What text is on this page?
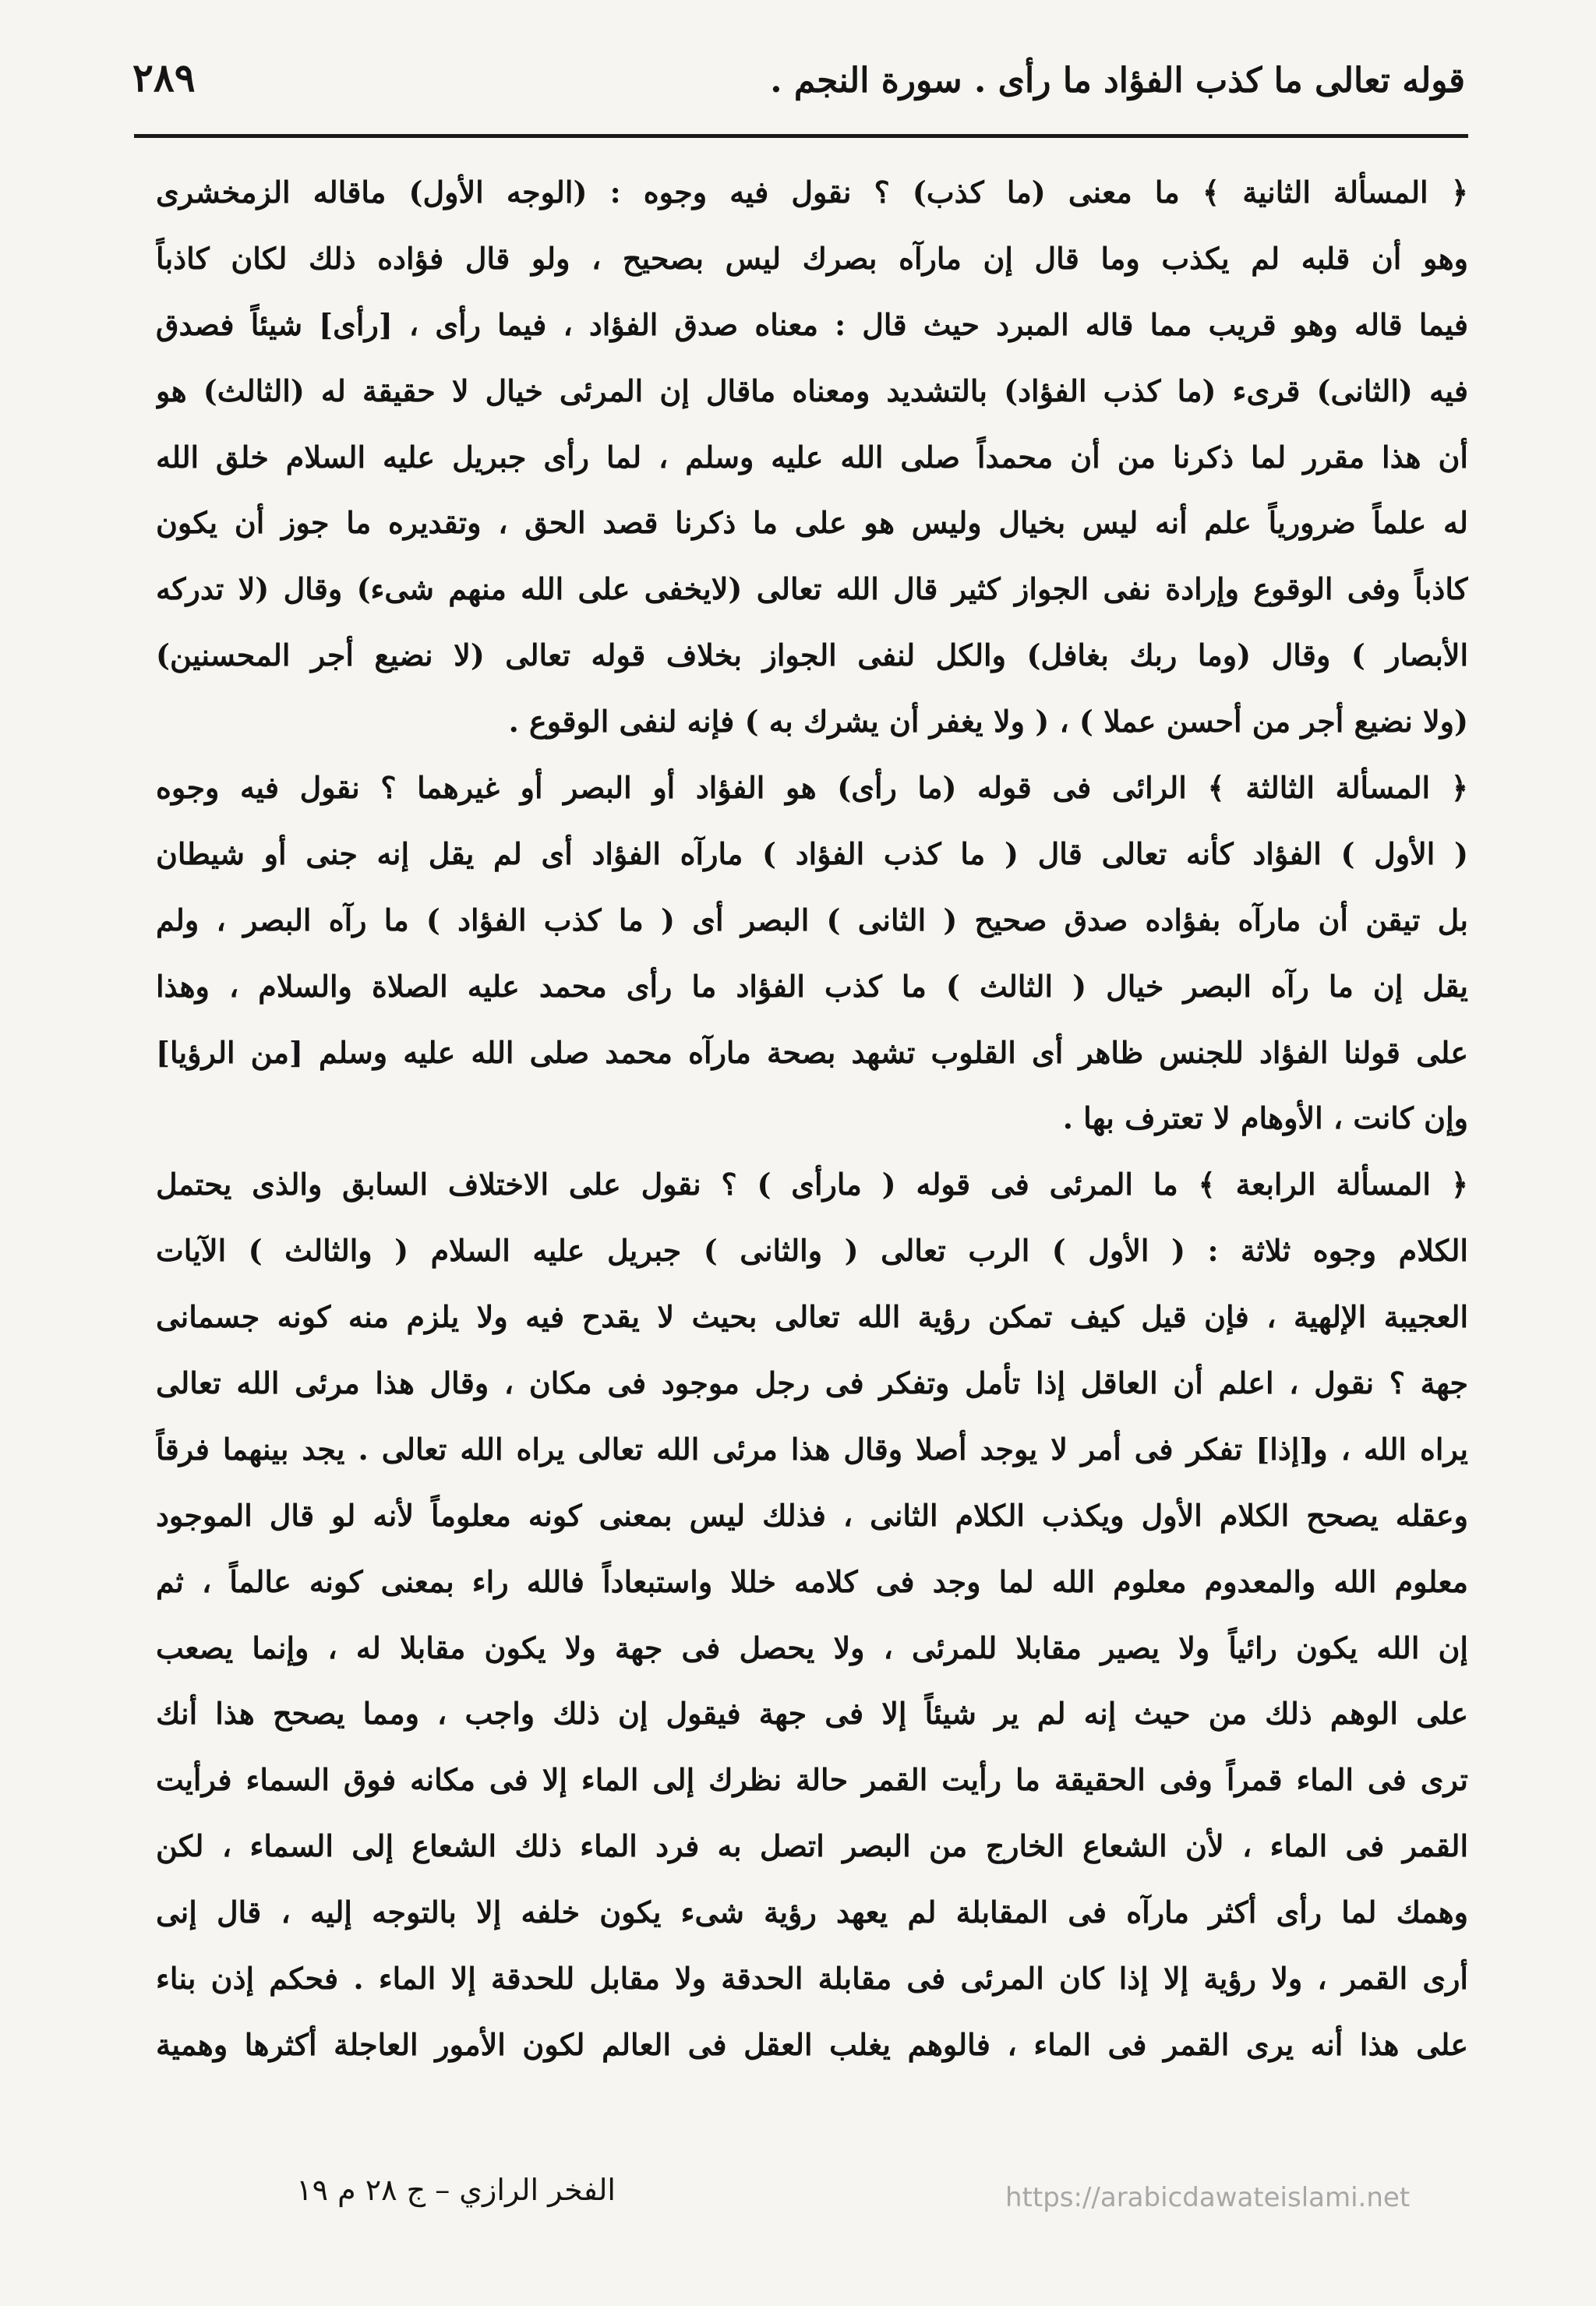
قوله تعالى ما كذب الفؤاد ما رأى . سورة النجم .
٢٨٩
﴿ المسألة الثانية ﴾ ما معنى (ما كذب) ؟ نقول فيه وجوه : (الوجه الأول) ماقاله الزمخشرى
وهو أن قلبه لم يكذب وما قال إن مارآه بصرك ليس بصحيح ، ولو قال فؤاده ذلك لكان كاذباً
فيما قاله وهو قريب مما قاله المبرد حيث قال : معناه صدق الفؤاد ، فيما رأى ، [رأى] شيئاً فصدق
فيه (الثانى) قرىء (ما كذب الفؤاد) بالتشديد ومعناه ماقال إن المرئى خيال لا حقيقة له (الثالث) هو
أن هذا مقرر لما ذكرنا من أن محمداً صلى الله عليه وسلم ، لما رأى جبريل عليه السلام خلق الله
له علماً ضرورياً علم أنه ليس بخيال وليس هو على ما ذكرنا قصد الحق ، وتقديره ما جوز أن يكون
كاذباً وفى الوقوع وإرادة نفى الجواز كثير قال الله تعالى (لايخفى على الله منهم شىء) وقال (لا تدركه
الأبصار ) وقال (وما ربك بغافل) والكل لنفى الجواز بخلاف قوله تعالى (لا نضيع أجر المحسنين)
(ولا نضيع أجر من أحسن عملا ) ، ( ولا يغفر أن يشرك به ) فإنه لنفى الوقوع .
﴿ المسألة الثالثة ﴾ الرائى فى قوله (ما رأى) هو الفؤاد أو البصر أو غيرهما ؟ نقول فيه وجوه
( الأول ) الفؤاد كأنه تعالى قال ( ما كذب الفؤاد ) مارآه الفؤاد أى لم يقل إنه جنى أو شيطان
بل تيقن أن مارآه بفؤاده صدق صحيح ( الثانى ) البصر أى ( ما كذب الفؤاد ) ما رآه البصر ، ولم
يقل إن ما رآه البصر خيال ( الثالث ) ما كذب الفؤاد ما رأى محمد عليه الصلاة والسلام ، وهذا
على قولنا الفؤاد للجنس ظاهر أى القلوب تشهد بصحة مارآه محمد صلى الله عليه وسلم [من الرؤيا]
وإن كانت ، الأوهام لا تعترف بها .
﴿ المسألة الرابعة ﴾ ما المرئى فى قوله ( مارأى ) ؟ نقول على الاختلاف السابق والذى يحتمل
الكلام وجوه ثلاثة : ( الأول ) الرب تعالى ( والثانى ) جبريل عليه السلام ( والثالث ) الآيات
العجيبة الإلهية ، فإن قيل كيف تمكن رؤية الله تعالى بحيث لا يقدح فيه ولا يلزم منه كونه جسمانى
جهة ؟ نقول ، اعلم أن العاقل إذا تأمل وتفكر فى رجل موجود فى مكان ، وقال هذا مرئى الله تعالى
يراه الله ، و[إذا] تفكر فى أمر لا يوجد أصلا وقال هذا مرئى الله تعالى يراه الله تعالى . يجد بينهما فرقاً
وعقله يصحح الكلام الأول ويكذب الكلام الثانى ، فذلك ليس بمعنى كونه معلوماً لأنه لو قال الموجود
معلوم الله والمعدوم معلوم الله لما وجد فى كلامه خللا واستبعاداً فالله راء بمعنى كونه عالماً ، ثم
إن الله يكون رائياً ولا يصير مقابلا للمرئى ، ولا يحصل فى جهة ولا يكون مقابلا له ، وإنما يصعب
على الوهم ذلك من حيث إنه لم ير شيئاً إلا فى جهة فيقول إن ذلك واجب ، ومما يصحح هذا أنك
ترى فى الماء قمراً وفى الحقيقة ما رأيت القمر حالة نظرك إلى الماء إلا فى مكانه فوق السماء فرأيت
القمر فى الماء ، لأن الشعاع الخارج من البصر اتصل به فرد الماء ذلك الشعاع إلى السماء ، لكن
وهمك لما رأى أكثر مارآه فى المقابلة لم يعهد رؤية شىء يكون خلفه إلا بالتوجه إليه ، قال إنى
أرى القمر ، ولا رؤية إلا إذا كان المرئى فى مقابلة الحدقة ولا مقابل للحدقة إلا الماء . فحكم إذن بناء
على هذا أنه يرى القمر فى الماء ، فالوهم يغلب العقل فى العالم لكون الأمور العاجلة أكثرها وهمية
الفخر الرازي – ج ٢٨ م ١٩	https://arabicdawateislami.net
